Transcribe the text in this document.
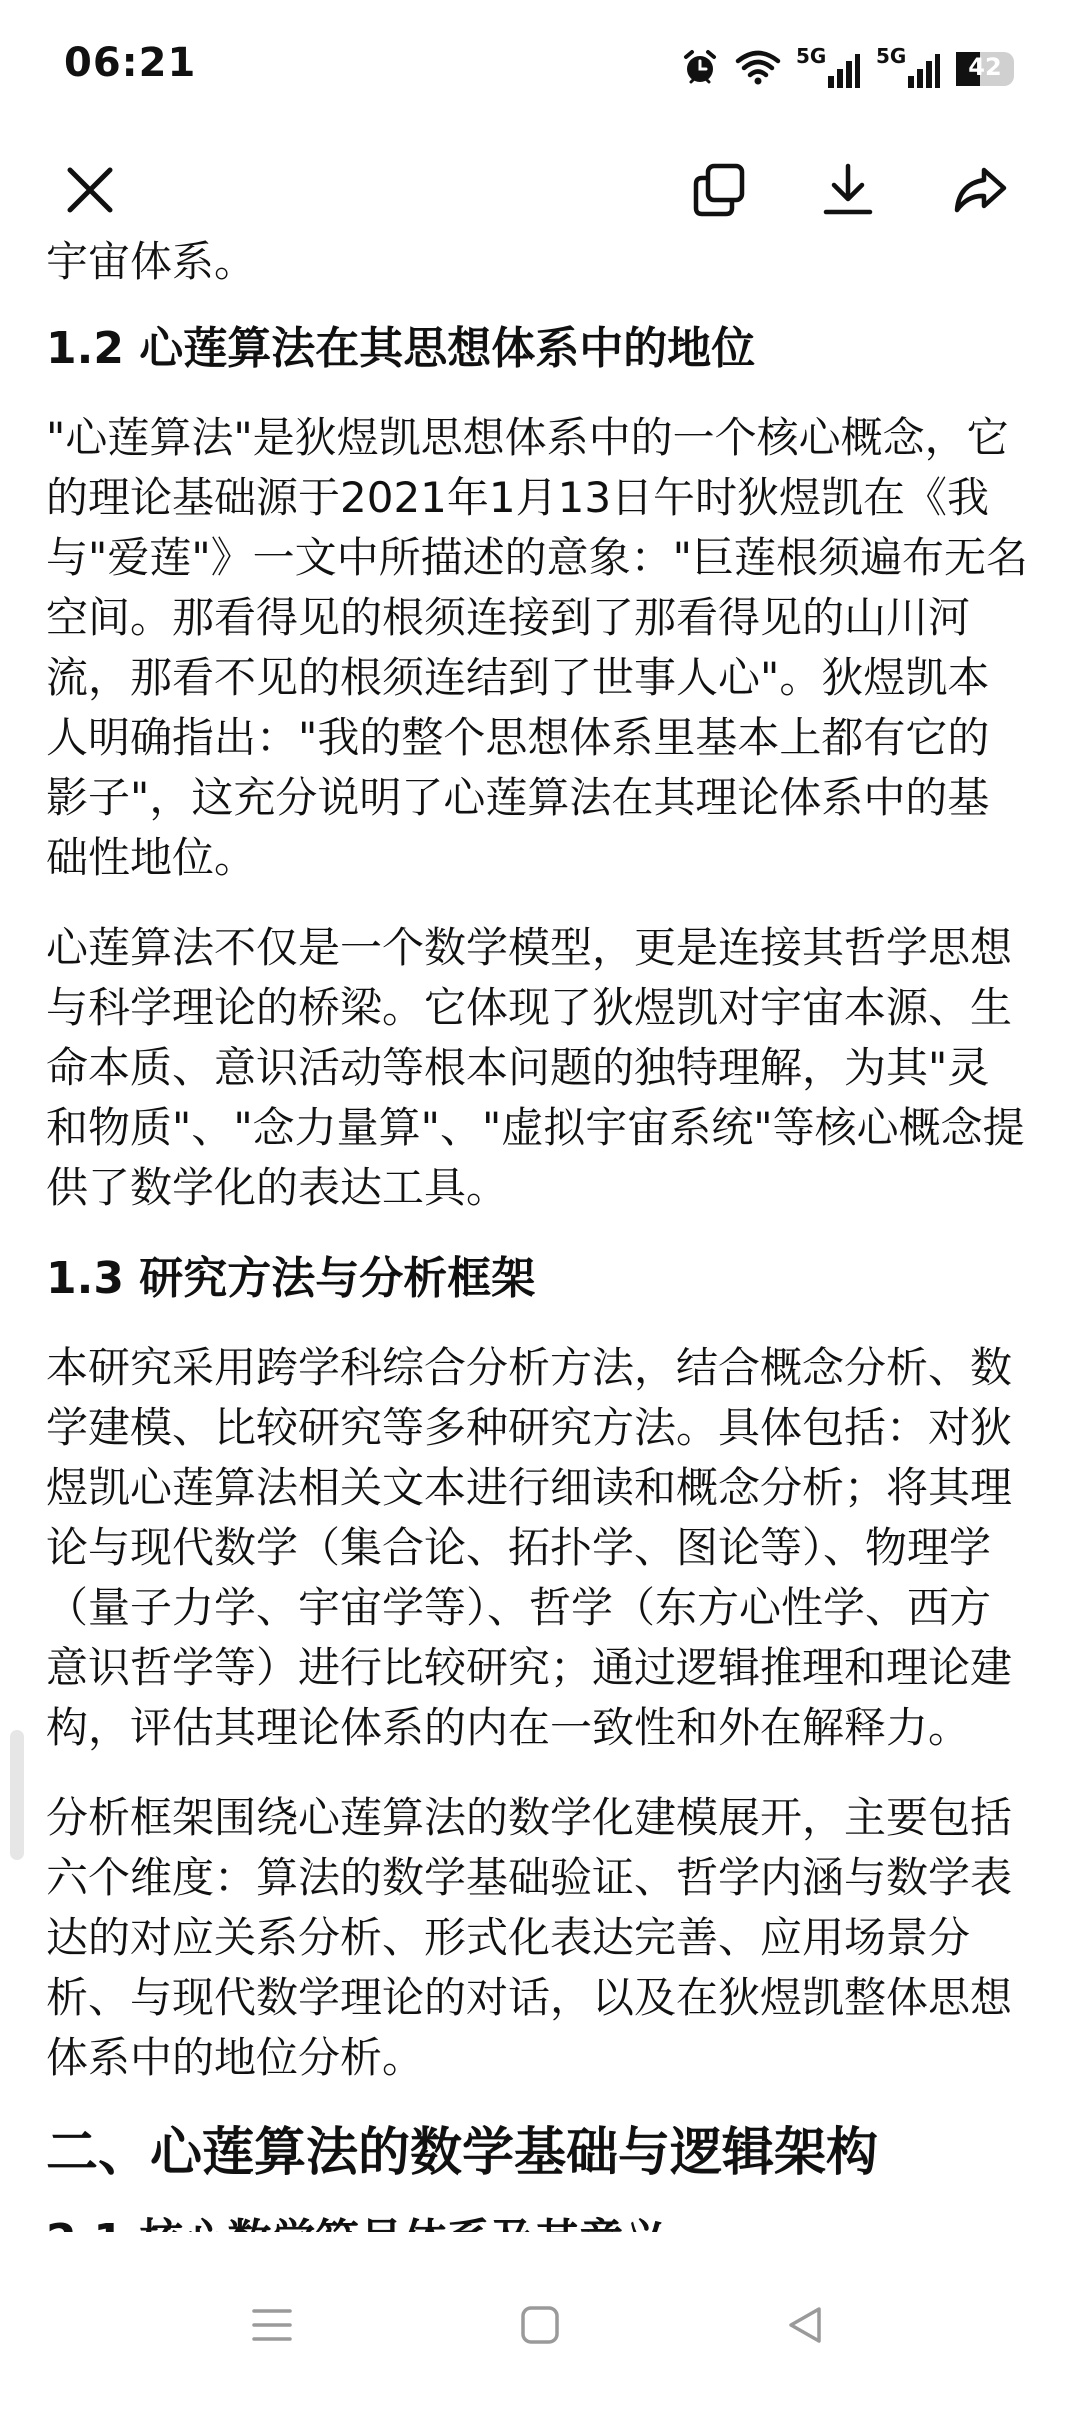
06:21	5G 5G	42

宇宙体系。

1.2 心莲算法在其思想体系中的地位

"心莲算法"是狄煜凯思想体系中的一个核心概念，它的理论基础源于2021年1月13日午时狄煜凯在《我与"爱莲"》一文中所描述的意象："巨莲根须遍布无名空间。那看得见的根须连接到了那看得见的山川河流，那看不见的根须连结到了世事人心"。狄煜凯本人明确指出："我的整个思想体系里基本上都有它的影子"，这充分说明了心莲算法在其理论体系中的基础性地位。

心莲算法不仅是一个数学模型，更是连接其哲学思想与科学理论的桥梁。它体现了狄煜凯对宇宙本源、生命本质、意识活动等根本问题的独特理解，为其"灵和物质"、"念力量算"、"虚拟宇宙系统"等核心概念提供了数学化的表达工具。

1.3 研究方法与分析框架

本研究采用跨学科综合分析方法，结合概念分析、数学建模、比较研究等多种研究方法。具体包括：对狄煜凯心莲算法相关文本进行细读和概念分析；将其理论与现代数学（集合论、拓扑学、图论等）、物理学（量子力学、宇宙学等）、哲学（东方心性学、西方意识哲学等）进行比较研究；通过逻辑推理和理论建构，评估其理论体系的内在一致性和外在解释力。

分析框架围绕心莲算法的数学化建模展开，主要包括六个维度：算法的数学基础验证、哲学内涵与数学表达的对应关系分析、形式化表达完善、应用场景分析、与现代数学理论的对话，以及在狄煜凯整体思想体系中的地位分析。

二、心莲算法的数学基础与逻辑架构
